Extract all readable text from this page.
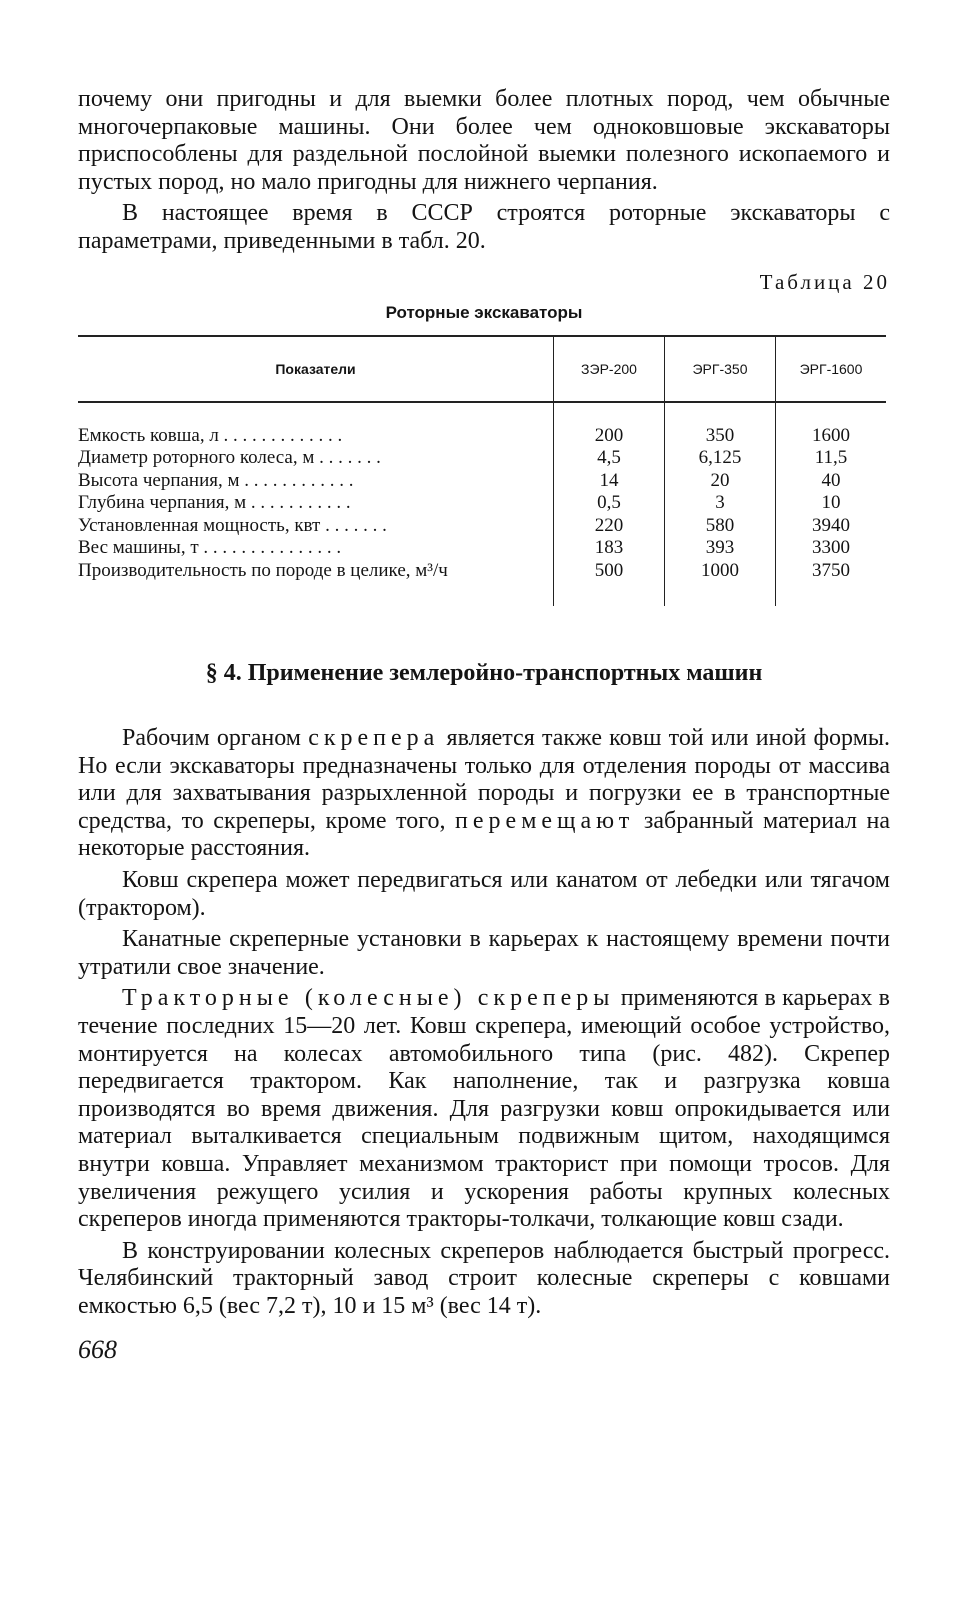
почему они пригодны и для выемки более плотных пород, чем обычные многочерпаковые машины. Они более чем одноковшовые экскаваторы приспособлены для раздельной послойной выемки полезного ископаемого и пустых пород, но мало пригодны для нижнего черпания.

В настоящее время в СССР строятся роторные экскаваторы с параметрами, приведенными в табл. 20.

Таблица 20
Роторные экскаваторы
Показатели	ЗЭР-200	ЭРГ-350	ЭРГ-1600
Емкость ковша, л . . . . . . . . . . . . .	200	350	1600
Диаметр роторного колеса, м . . . . . . .	4,5	6,125	11,5
Высота черпания, м . . . . . . . . . . . .	14	20	40
Глубина черпания, м . . . . . . . . . . .	0,5	3	10
Установленная мощность, квт . . . . . . .	220	580	3940
Вес машины, т . . . . . . . . . . . . . . .	183	393	3300
Производительность по породе в целике, м³/ч	500	1000	3750
§ 4. Применение землеройно-транспортных машин

Рабочим органом скрепера является также ковш той или иной формы. Но если экскаваторы предназначены только для отделения породы от массива или для захватывания разрыхленной породы и погрузки ее в транспортные средства, то скреперы, кроме того, перемещают забранный материал на некоторые расстояния.

Ковш скрепера может передвигаться или канатом от лебедки или тягачом (трактором).

Канатные скреперные установки в карьерах к настоящему времени почти утратили свое значение.

Тракторные (колесные) скреперы применяются в карьерах в течение последних 15—20 лет. Ковш скрепера, имеющий особое устройство, монтируется на колесах автомобильного типа (рис. 482). Скрепер передвигается трактором. Как наполнение, так и разгрузка ковша производятся во время движения. Для разгрузки ковш опрокидывается или материал выталкивается специальным подвижным щитом, находящимся внутри ковша. Управляет механизмом тракторист при помощи тросов. Для увеличения режущего усилия и ускорения работы крупных колесных скреперов иногда применяются тракторы-толкачи, толкающие ковш сзади.

В конструировании колесных скреперов наблюдается быстрый прогресс. Челябинский тракторный завод строит колесные скреперы с ковшами емкостью 6,5 (вес 7,2 т), 10 и 15 м³ (вес 14 т).

668
